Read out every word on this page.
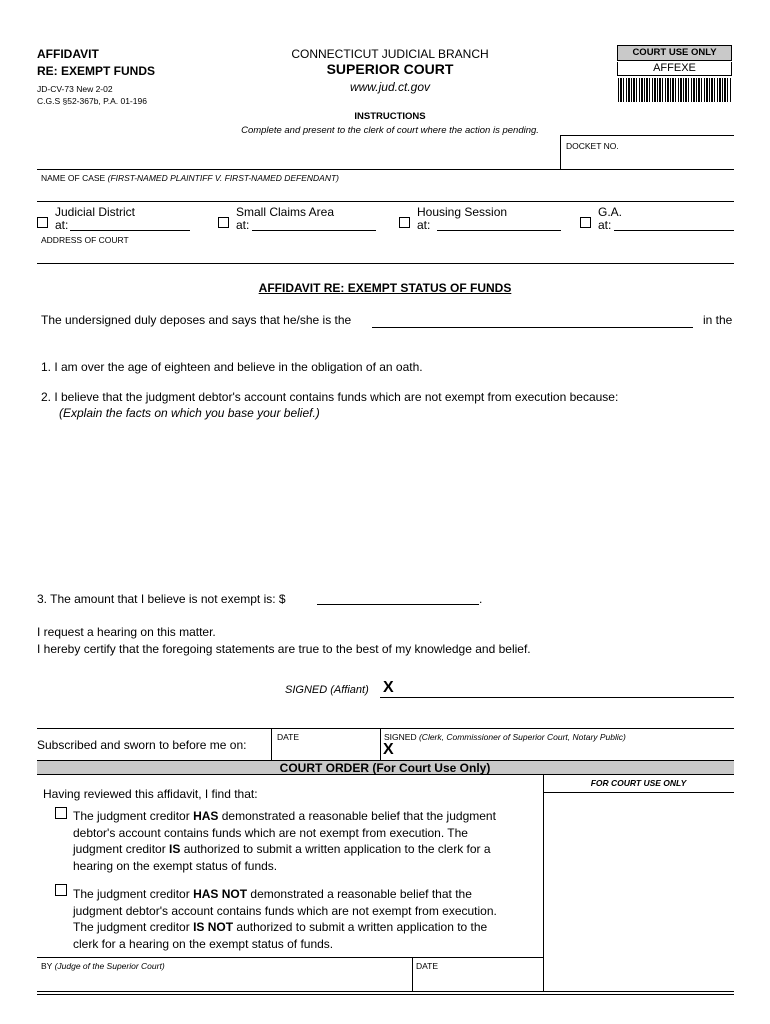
AFFIDAVIT
RE: EXEMPT FUNDS
JD-CV-73 New 2-02
C.G.S §52-367b, P.A. 01-196
CONNECTICUT JUDICIAL BRANCH
SUPERIOR COURT
www.jud.ct.gov
COURT USE ONLY
AFFEXE
INSTRUCTIONS
Complete and present to the clerk of court where the action is pending.
DOCKET NO.
NAME OF CASE (FIRST-NAMED PLAINTIFF V. FIRST-NAMED DEFENDANT)
Judicial District
at:
Small Claims Area
at:
Housing Session
at:
G.A.
at:
ADDRESS OF COURT
AFFIDAVIT RE: EXEMPT STATUS OF FUNDS
The undersigned duly deposes and says that he/she is the	in the
1. I am over the age of eighteen and believe in the obligation of an oath.
2. I believe that the judgment debtor's account contains funds which are not exempt from execution because:
(Explain the facts on which you base your belief.)
3. The amount that I believe is not exempt is: $	.
I request a hearing on this matter.
I hereby certify that the foregoing statements are true to the best of my knowledge and belief.
SIGNED (Affiant) X
Subscribed and sworn to before me on:
DATE	SIGNED (Clerk, Commissioner of Superior Court, Notary Public)
X
COURT ORDER (For Court Use Only)
FOR COURT USE ONLY
Having reviewed this affidavit, I find that:
The judgment creditor HAS demonstrated a reasonable belief that the judgment
debtor's account contains funds which are not exempt from execution. The
judgment creditor IS authorized to submit a written application to the clerk for a
hearing on the exempt status of funds.
The judgment creditor HAS NOT demonstrated a reasonable belief that the
judgment debtor's account contains funds which are not exempt from execution.
The judgment creditor IS NOT authorized to submit a written application to the
clerk for a hearing on the exempt status of funds.
BY (Judge of the Superior Court)	DATE
